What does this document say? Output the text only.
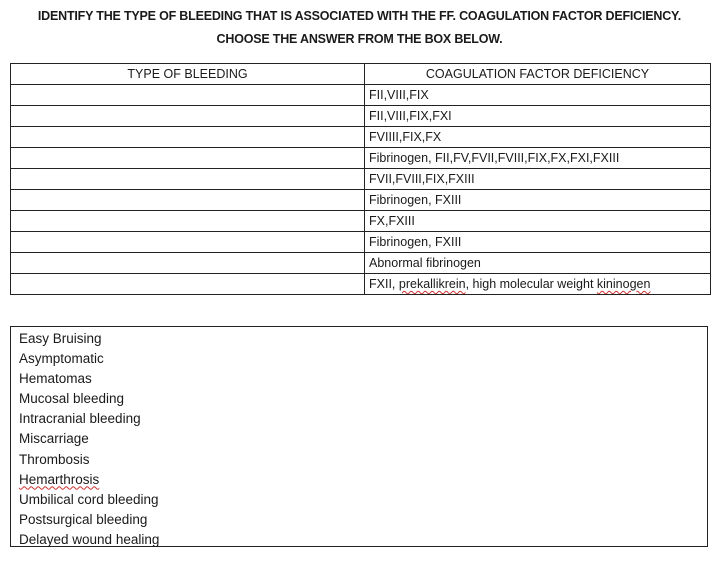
IDENTIFY THE TYPE OF BLEEDING THAT IS ASSOCIATED WITH THE FF. COAGULATION FACTOR DEFICIENCY.
CHOOSE THE ANSWER FROM THE BOX BELOW.
TYPE OF BLEEDING	COAGULATION FACTOR DEFICIENCY
	FII,VIII,FIX
	FII,VIII,FIX,FXI
	FVIIII,FIX,FX
	Fibrinogen, FII,FV,FVII,FVIII,FIX,FX,FXI,FXIII
	FVII,FVIII,FIX,FXIII
	Fibrinogen, FXIII
	FX,FXIII
	Fibrinogen, FXIII
	Abnormal fibrinogen
	FXII, prekallikrein, high molecular weight kininogen
Easy Bruising
Asymptomatic
Hematomas
Mucosal bleeding
Intracranial bleeding
Miscarriage
Thrombosis
Hemarthrosis
Umbilical cord bleeding
Postsurgical bleeding
Delayed wound healing
